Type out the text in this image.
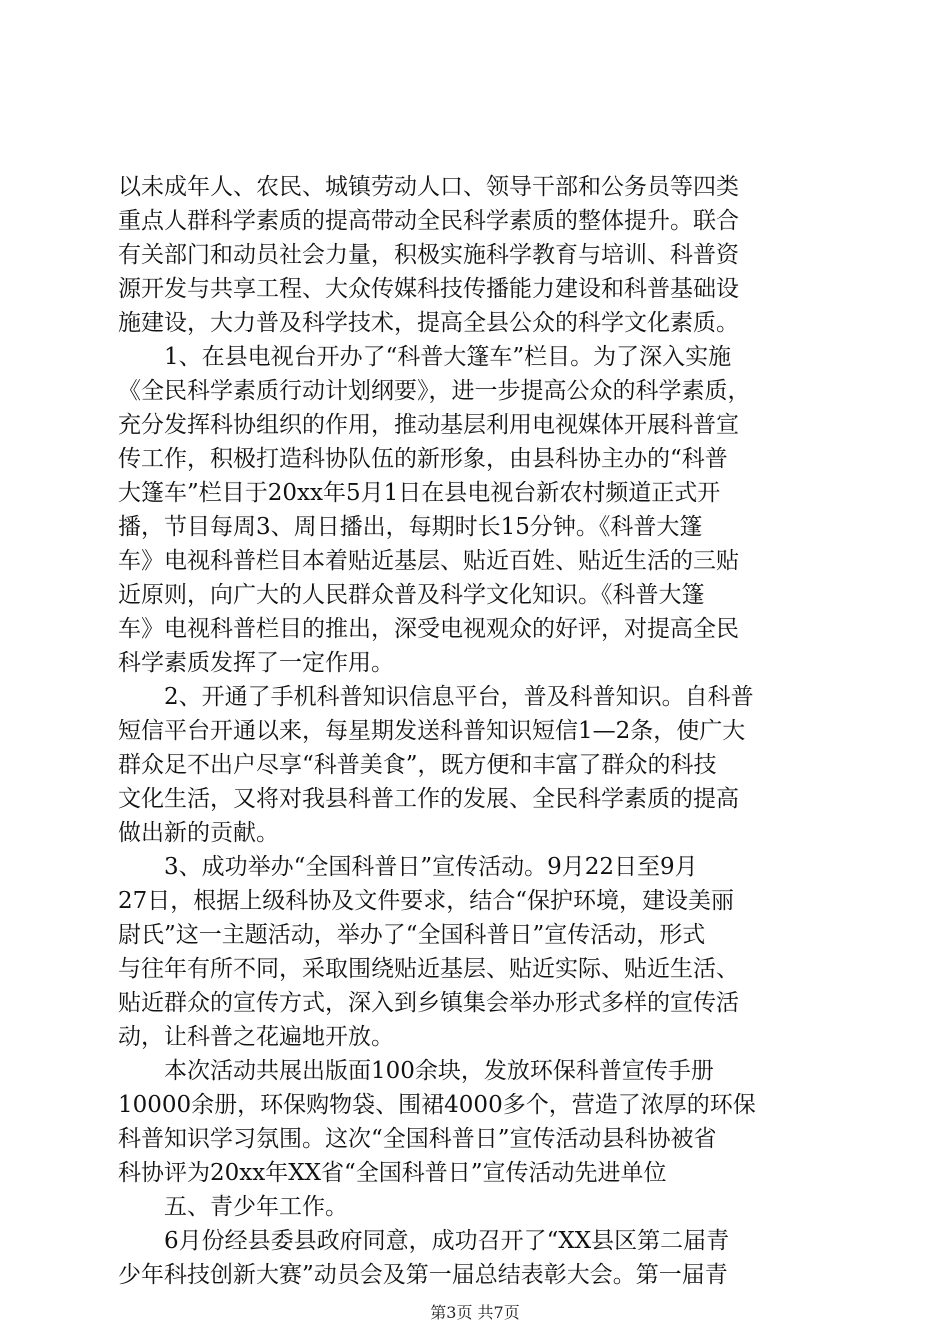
以未成年人、农民、城镇劳动人口、领导干部和公务员等四类
重点人群科学素质的提高带动全民科学素质的整体提升。联合
有关部门和动员社会力量，积极实施科学教育与培训、科普资
源开发与共享工程、大众传媒科技传播能力建设和科普基础设
施建设，大力普及科学技术，提高全县公众的科学文化素质。
　　1、在县电视台开办了“科普大篷车”栏目。为了深入实施
《全民科学素质行动计划纲要》，进一步提高公众的科学素质，
充分发挥科协组织的作用，推动基层利用电视媒体开展科普宣
传工作，积极打造科协队伍的新形象，由县科协主办的“科普
大篷车”栏目于20xx年5月1日在县电视台新农村频道正式开
播，节目每周3、周日播出，每期时长15分钟。《科普大篷
车》电视科普栏目本着贴近基层、贴近百姓、贴近生活的三贴
近原则，向广大的人民群众普及科学文化知识。《科普大篷
车》电视科普栏目的推出，深受电视观众的好评，对提高全民
科学素质发挥了一定作用。
　　2、开通了手机科普知识信息平台，普及科普知识。自科普
短信平台开通以来，每星期发送科普知识短信1—2条，使广大
群众足不出户尽享“科普美食”，既方便和丰富了群众的科技
文化生活，又将对我县科普工作的发展、全民科学素质的提高
做出新的贡献。
　　3、成功举办“全国科普日”宣传活动。9月22日至9月
27日，根据上级科协及文件要求，结合“保护环境，建设美丽
尉氏”这一主题活动，举办了“全国科普日”宣传活动，形式
与往年有所不同，采取围绕贴近基层、贴近实际、贴近生活、
贴近群众的宣传方式，深入到乡镇集会举办形式多样的宣传活
动，让科普之花遍地开放。
　　本次活动共展出版面100余块，发放环保科普宣传手册
10000余册，环保购物袋、围裙4000多个，营造了浓厚的环保
科普知识学习氛围。这次“全国科普日”宣传活动县科协被省
科协评为20xx年XX省“全国科普日”宣传活动先进单位
　　五、青少年工作。
　　6月份经县委县政府同意，成功召开了“XX县区第二届青
少年科技创新大赛”动员会及第一届总结表彰大会。第一届青
第3页 共7页
